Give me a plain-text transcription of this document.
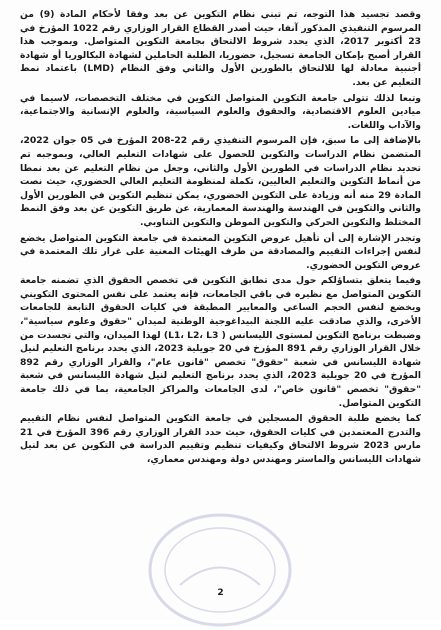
وقصد تجسيد هذا التوجه، تم تبني نظام التكوين عن بعد وفقا لأحكام المادة (9) من المرسوم التنفيذي المذكور آنفا، حيث أصدر القطاع القرار الوزاري رقم 1022 المؤرخ في 23 أكتوبر 2017، الذي يحدد شروط الالتحاق بجامعة التكوين المتواصل. وبموجب هذا القرار أصبح بإمكان الجامعة تسجيل، حضوريا، الطلبة الحاملين لشهادة البكالوريا أو شهادة أجنبية معادلة لها للالتحاق بالطورين الأول والثاني وفق النظام (LMD) باعتماد نمط التعليم عن بعد.

وتبعا لذلك تتولى جامعة التكوين المتواصل التكوين في مختلف التخصصات، لاسيما في ميادين العلوم الاقتصادية، والحقوق والعلوم السياسية، والعلوم الإنسانية والاجتماعية، والآداب واللغات.

بالإضافة إلى ما سبق، فإن المرسوم التنفيذي رقم 22-208 المؤرخ في 05 جوان 2022، المتضمن نظام الدراسات والتكوين للحصول على شهادات التعليم العالي، وبموجبه تم تحديد نظام الدراسات في الطورين الأول والثاني، وجعل من نظام التعليم عن بعد نمطا من أنماط التكوين والتعليم العاليين، تكملة لمنظومة التعليم العالي الحضوري، حيث نصت المادة 29 منه أنه وزيادة على التكوين الحضوري، يمكن تنظيم التكوين في الطورين الأول والثاني والتكوين في الهندسة والهندسة المعمارية، عن طريق التكوين عن بعد وفق النمط المختلط والتكوين الحركي والتكوين الموطن والتكوين التناوبي.

وتجدر الإشارة إلى أن تأهيل عروض التكوين المعتمدة في جامعة التكوين المتواصل يخضع لنفس إجراءات التقييم والمصادقة من طرف الهيئات المعنية على غرار تلك المعتمدة في عروض التكوين الحضوري.

وفيما يتعلق بتساؤلكم حول مدى تطابق التكوين في تخصص الحقوق الذي تضمنه جامعة التكوين المتواصل مع نظيره في باقي الجامعات، فإنه يعتمد على نفس المحتوى التكويني ويخضع لنفس الحجم الساعي والمعايير المطبقة في كليات الحقوق التابعة للجامعات الأخرى، والذي صادقت عليه اللجنة البيداغوجية الوطنية لميدان "حقوق وعلوم سياسية"، وضبطت برنامج التكوين لمستوى الليسانس ( L1، L2، L3) لهذا الميدان، والتي تجسدت من خلال القرار الوزاري رقم 891 المؤرخ في 20 جويلية 2023، الذي يحدد برنامج التعليم لنيل شهادة الليسانس في شعبة "حقوق" تخصص "قانون عام"، والقرار الوزاري رقم 892 المؤرخ في 20 جويلية 2023، الذي يحدد برنامج التعليم لنيل شهادة الليسانس في شعبة "حقوق" تخصص "قانون خاص"، لدى الجامعات والمراكز الجامعية، بما في ذلك جامعة التكوين المتواصل.

كما يخضع طلبة الحقوق المسجلين في جامعة التكوين المتواصل لنفس نظام التقييم والتدرج المعتمدين في كليات الحقوق، حيث حدد القرار الوزاري رقم 396 المؤرخ في 21 مارس 2023 شروط الالتحاق وكيفيات تنظيم وتقييم الدراسة في التكوين عن بعد لنيل شهادات الليسانس والماستر ومهندس دولة ومهندس معماري،

2
